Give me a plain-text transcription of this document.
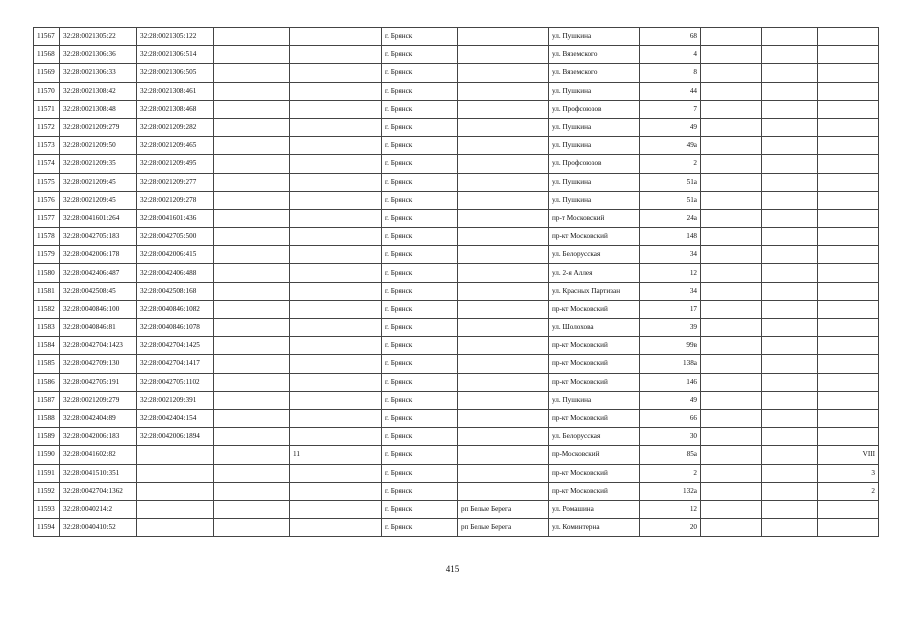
11567	32:28:0021305:22	32:28:0021305:122			г. Брянск		ул. Пушкина	68			
11568	32:28:0021306:36	32:28:0021306:514			г. Брянск		ул. Вяземского	4			
11569	32:28:0021306:33	32:28:0021306:505			г. Брянск		ул. Вяземского	8			
11570	32:28:0021308:42	32:28:0021308:461			г. Брянск		ул. Пушкина	44			
11571	32:28:0021308:48	32:28:0021308:468			г. Брянск		ул. Профсоюзов	7			
11572	32:28:0021209:279	32:28:0021209:282			г. Брянск		ул. Пушкина	49			
11573	32:28:0021209:50	32:28:0021209:465			г. Брянск		ул. Пушкина	49а			
11574	32:28:0021209:35	32:28:0021209:495			г. Брянск		ул. Профсоюзов	2			
11575	32:28:0021209:45	32:28:0021209:277			г. Брянск		ул. Пушкина	51а			
11576	32:28:0021209:45	32:28:0021209:278			г. Брянск		ул. Пушкина	51а			
11577	32:28:0041601:264	32:28:0041601:436			г. Брянск		пр-т Московский	24а			
11578	32:28:0042705:183	32:28:0042705:500			г. Брянск		пр-кт Московский	148			
11579	32:28:0042006:178	32:28:0042006:415			г. Брянск		ул. Белорусская	34			
11580	32:28:0042406:487	32:28:0042406:488			г. Брянск		ул. 2-я Аллея	12			
11581	32:28:0042508:45	32:28:0042508:168			г. Брянск		ул. Красных Партизан	34			
11582	32:28:0040846:100	32:28:0040846:1082			г. Брянск		пр-кт Московский	17			
11583	32:28:0040846:81	32:28:0040846:1078			г. Брянск		ул. Шолохова	39			
11584	32:28:0042704:1423	32:28:0042704:1425			г. Брянск		пр-кт Московский	99в			
11585	32:28:0042709:130	32:28:0042704:1417			г. Брянск		пр-кт Московский	138а			
11586	32:28:0042705:191	32:28:0042705:1102			г. Брянск		пр-кт Московский	146			
11587	32:28:0021209:279	32:28:0021209:391			г. Брянск		ул. Пушкина	49			
11588	32:28:0042404:89	32:28:0042404:154			г. Брянск		пр-кт Московский	66			
11589	32:28:0042006:183	32:28:0042006:1894			г. Брянск		ул. Белорусская	30			
11590	32:28:0041602:82			11	г. Брянск		пр-Московский	85а			VIII
11591	32:28:0041510:351				г. Брянск		пр-кт Московский	2			3
11592	32:28:0042704:1362				г. Брянск		пр-кт Московский	132а			2
11593	32:28:0040214:2				г. Брянск	рп Белые Берега	ул. Ромашина	12			
11594	32:28:0040410:52				г. Брянск	рп Белые Берега	ул. Коминтерна	20			
415
